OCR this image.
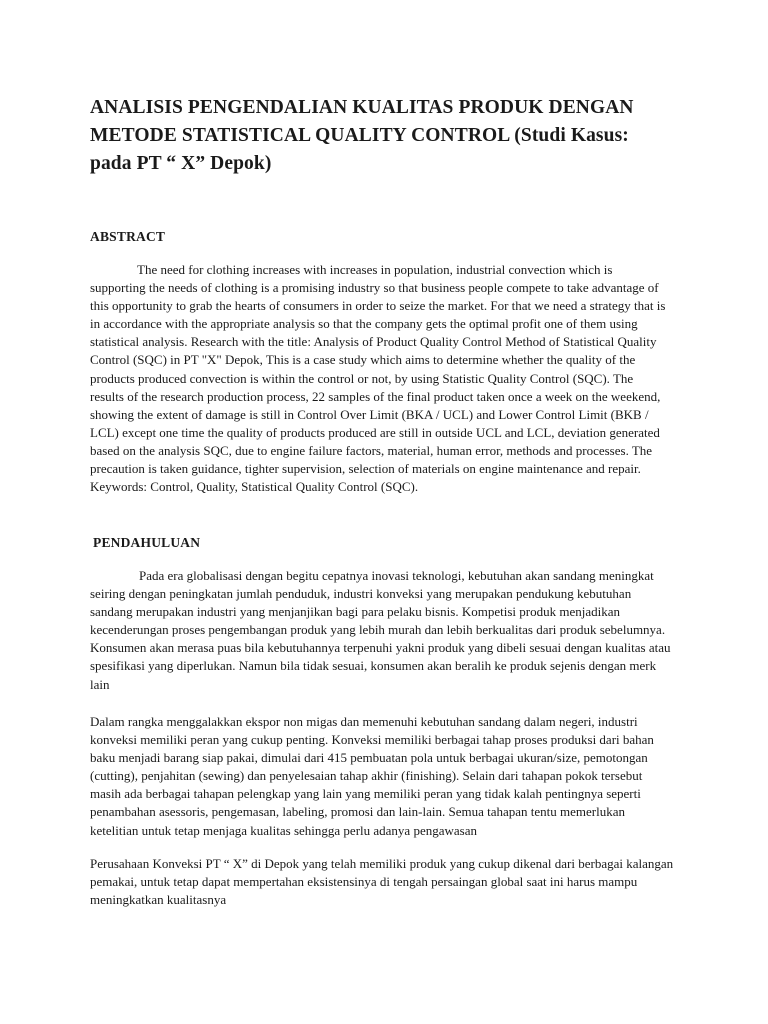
ANALISIS PENGENDALIAN KUALITAS PRODUK DENGAN METODE STATISTICAL QUALITY CONTROL (Studi Kasus: pada PT “ X” Depok)
ABSTRACT

The need for clothing increases with increases in population, industrial convection which is supporting the needs of clothing is a promising industry so that business people compete to take advantage of this opportunity to grab the hearts of consumers in order to seize the market. For that we need a strategy that is in accordance with the appropriate analysis so that the company gets the optimal profit one of them using statistical analysis. Research with the title: Analysis of Product Quality Control Method of Statistical Quality Control (SQC) in PT "X" Depok, This is a case study which aims to determine whether the quality of the products produced convection is within the control or not, by using Statistic Quality Control (SQC). The results of the research production process, 22 samples of the final product taken once a week on the weekend, showing the extent of damage is still in Control Over Limit (BKA / UCL) and Lower Control Limit (BKB / LCL) except one time the quality of products produced are still in outside UCL and LCL, deviation generated based on the analysis SQC, due to engine failure factors, material, human error, methods and processes. The precaution is taken guidance, tighter supervision, selection of materials on engine maintenance and repair. Keywords: Control, Quality, Statistical Quality Control (SQC).

PENDAHULUAN

Pada era globalisasi dengan begitu cepatnya inovasi teknologi, kebutuhan akan sandang meningkat seiring dengan peningkatan jumlah penduduk, industri konveksi yang merupakan pendukung kebutuhan sandang merupakan industri yang menjanjikan bagi para pelaku bisnis. Kompetisi produk menjadikan kecenderungan proses pengembangan produk yang lebih murah dan lebih berkualitas dari produk sebelumnya. Konsumen akan merasa puas bila kebutuhannya terpenuhi yakni produk yang dibeli sesuai dengan kualitas atau spesifikasi yang diperlukan. Namun bila tidak sesuai, konsumen akan beralih ke produk sejenis dengan merk lain

Dalam rangka menggalakkan ekspor non migas dan memenuhi kebutuhan sandang dalam negeri, industri konveksi memiliki peran yang cukup penting. Konveksi memiliki berbagai tahap proses produksi dari bahan baku menjadi barang siap pakai, dimulai dari 415 pembuatan pola untuk berbagai ukuran/size, pemotongan (cutting), penjahitan (sewing) dan penyelesaian tahap akhir (finishing). Selain dari tahapan pokok tersebut masih ada berbagai tahapan pelengkap yang lain yang memiliki peran yang tidak kalah pentingnya seperti penambahan asessoris, pengemasan, labeling, promosi dan lain-lain. Semua tahapan tentu memerlukan ketelitian untuk tetap menjaga kualitas sehingga perlu adanya pengawasan

Perusahaan Konveksi PT “ X” di Depok yang telah memiliki produk yang cukup dikenal dari berbagai kalangan pemakai, untuk tetap dapat mempertahan eksistensinya di tengah persaingan global saat ini harus mampu meningkatkan kualitasnya
